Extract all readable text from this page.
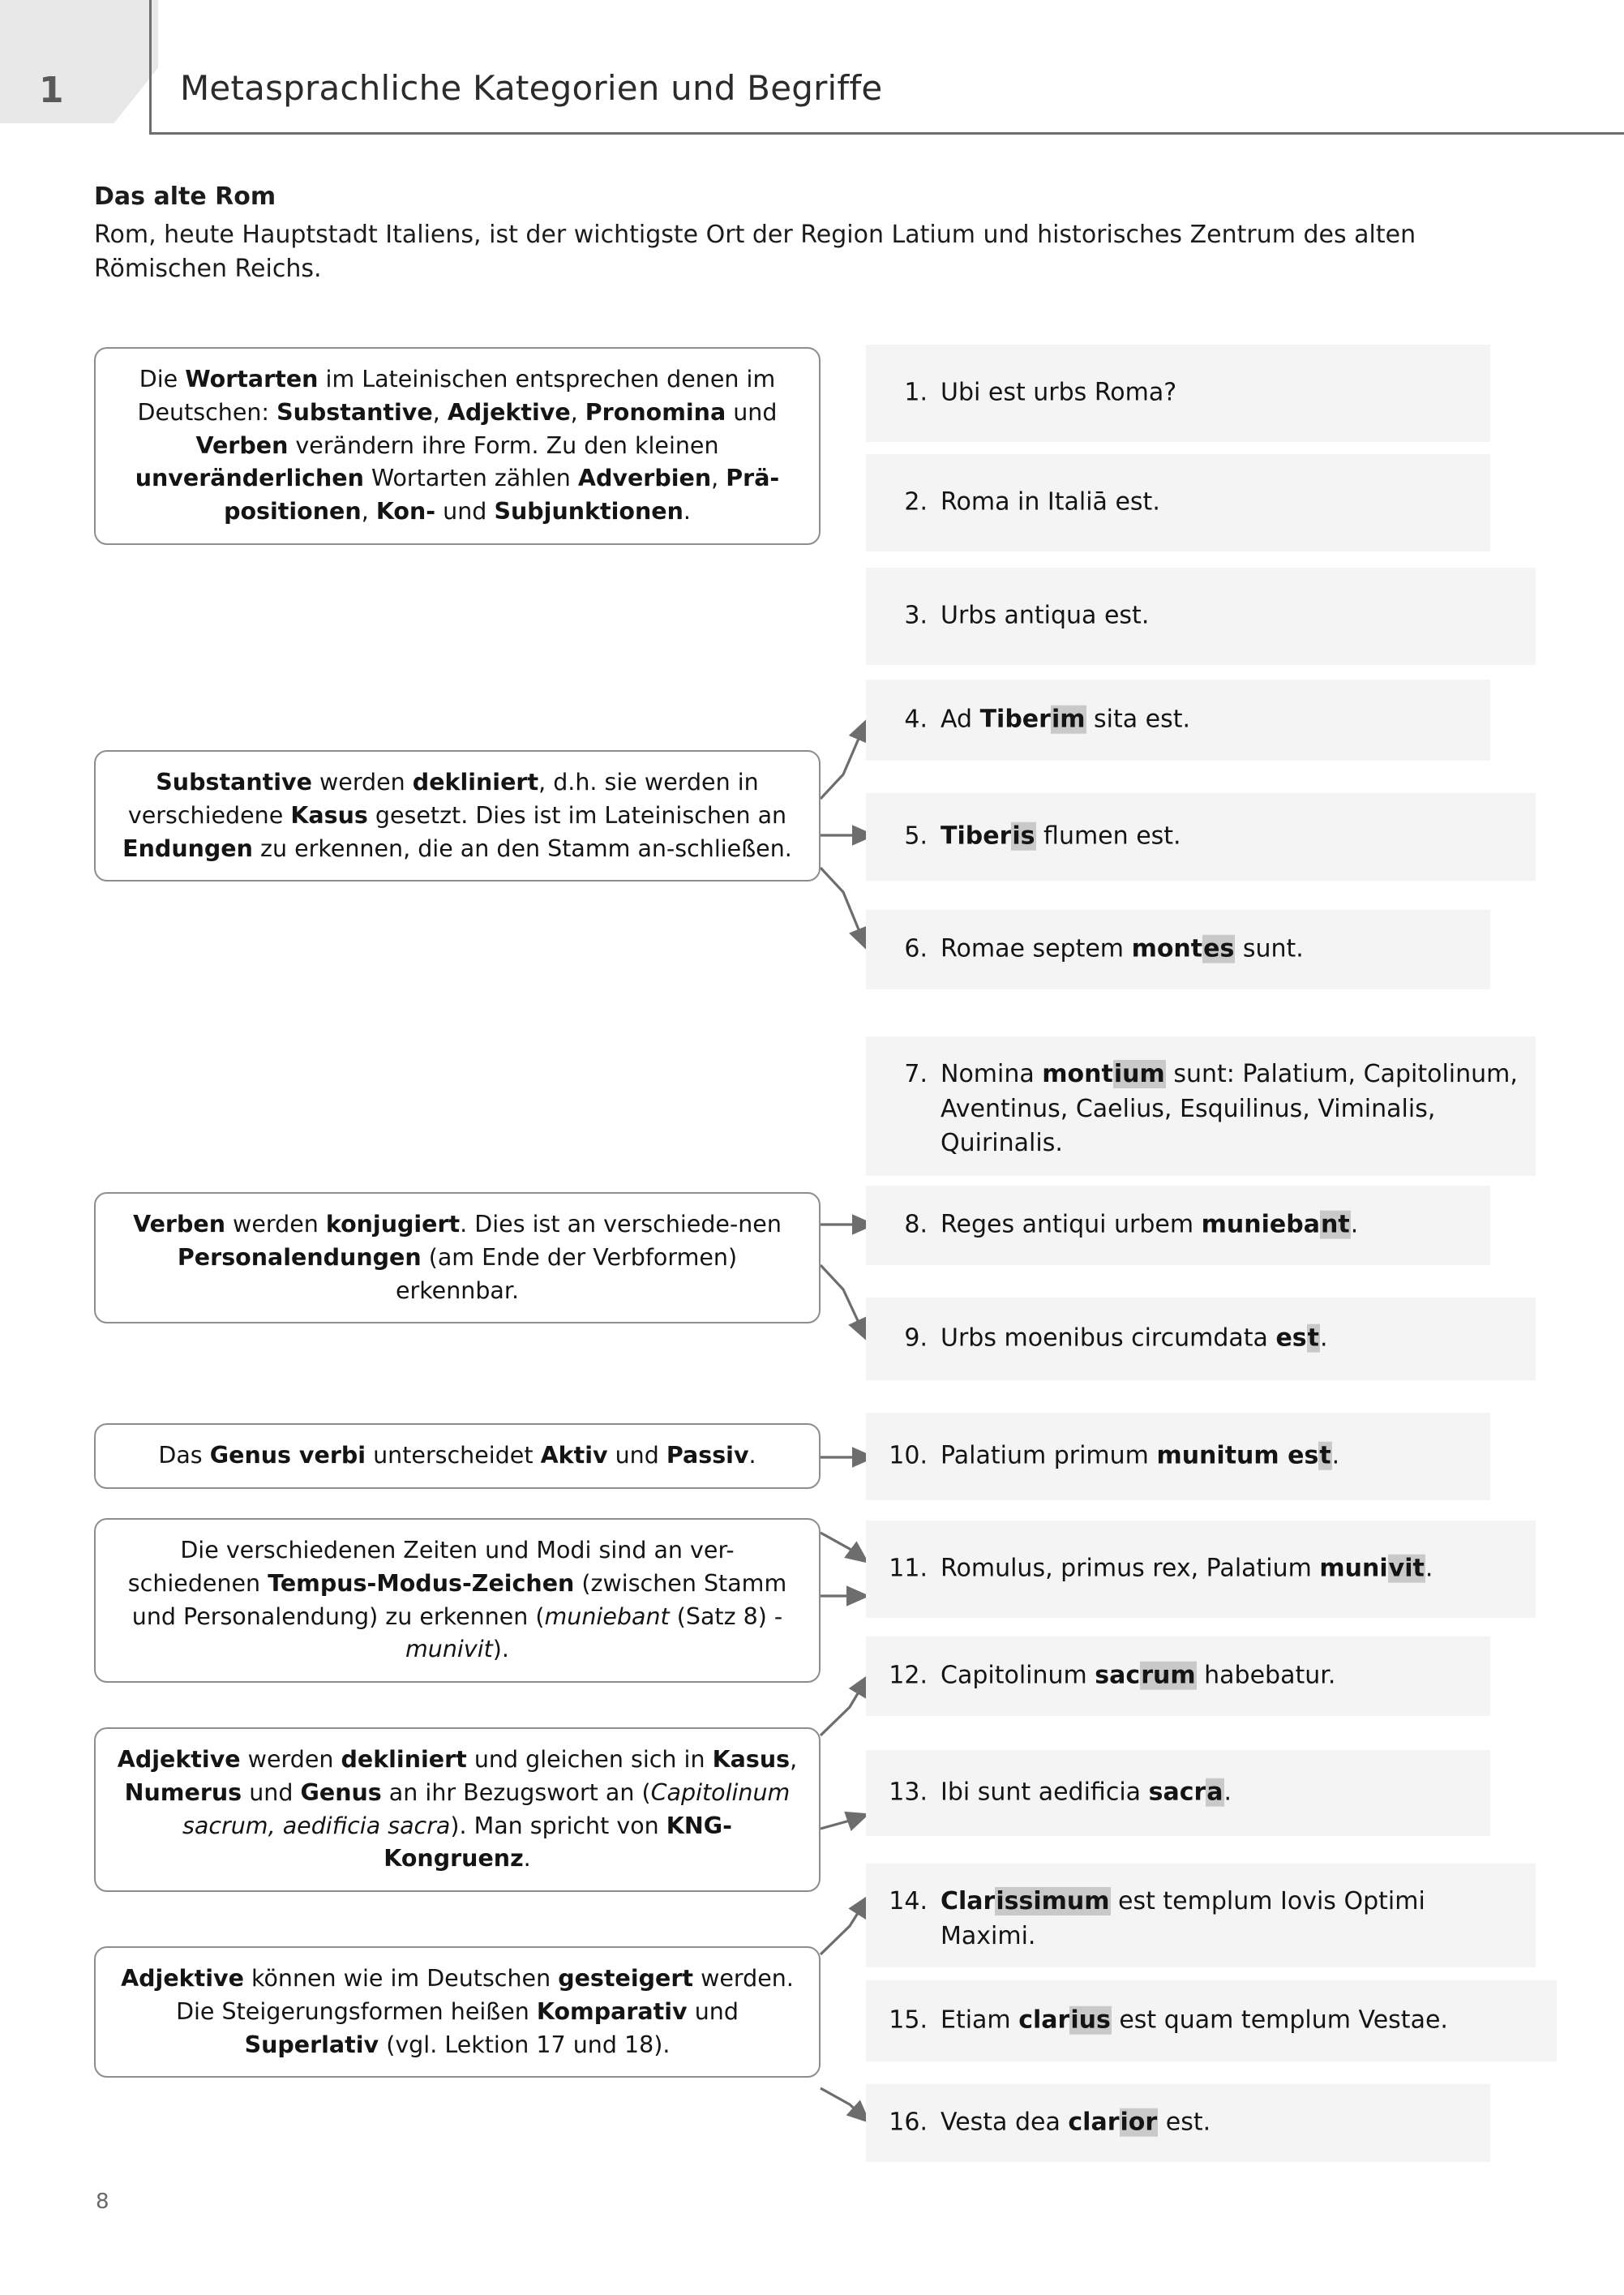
1	Metasprachliche Kategorien und Begriffe
Das alte Rom
Rom, heute Hauptstadt Italiens, ist der wichtigste Ort der Region Latium und historisches Zentrum des alten Römischen Reichs.
Die Wortarten im Lateinischen entsprechen denen im Deutschen: Substantive, Adjektive, Pronomina und Verben verändern ihre Form. Zu den kleinen unveränderlichen Wortarten zählen Adverbien, Prä-positionen, Kon- und Subjunktionen.
Substantive werden dekliniert, d.h. sie werden in verschiedene Kasus gesetzt. Dies ist im Lateinischen an Endungen zu erkennen, die an den Stamm an-schließen.
Verben werden konjugiert. Dies ist an verschiede-nen Personalendungen (am Ende der Verbformen) erkennbar.
Das Genus verbi unterscheidet Aktiv und Passiv.
Die verschiedenen Zeiten und Modi sind an ver-schiedenen Tempus-Modus-Zeichen (zwischen Stamm und Personalendung) zu erkennen (muniebant (Satz 8) - munivit).
Adjektive werden dekliniert und gleichen sich in Kasus, Numerus und Genus an ihr Bezugswort an (Capitolinum sacrum, aedificia sacra). Man spricht von KNG-Kongruenz.
Adjektive können wie im Deutschen gesteigert werden. Die Steigerungsformen heißen Komparativ und Superlativ (vgl. Lektion 17 und 18).
1. Ubi est urbs Roma?
2. Roma in Italiā est.
3. Urbs antiqua est.
4. Ad Tiberim sita est.
5. Tiberis flumen est.
6. Romae septem montes sunt.
7. Nomina montium sunt: Palatium, Capitolinum, Aventinus, Caelius, Esquilinus, Viminalis, Quirinalis.
8. Reges antiqui urbem muniebant.
9. Urbs moenibus circumdata est.
10. Palatium primum munitum est.
11. Romulus, primus rex, Palatium munivit.
12. Capitolinum sacrum habebatur.
13. Ibi sunt aedificia sacra.
14. Clarissimum est templum Iovis Optimi Maximi.
15. Etiam clarius est quam templum Vestae.
16. Vesta dea clarior est.
8
